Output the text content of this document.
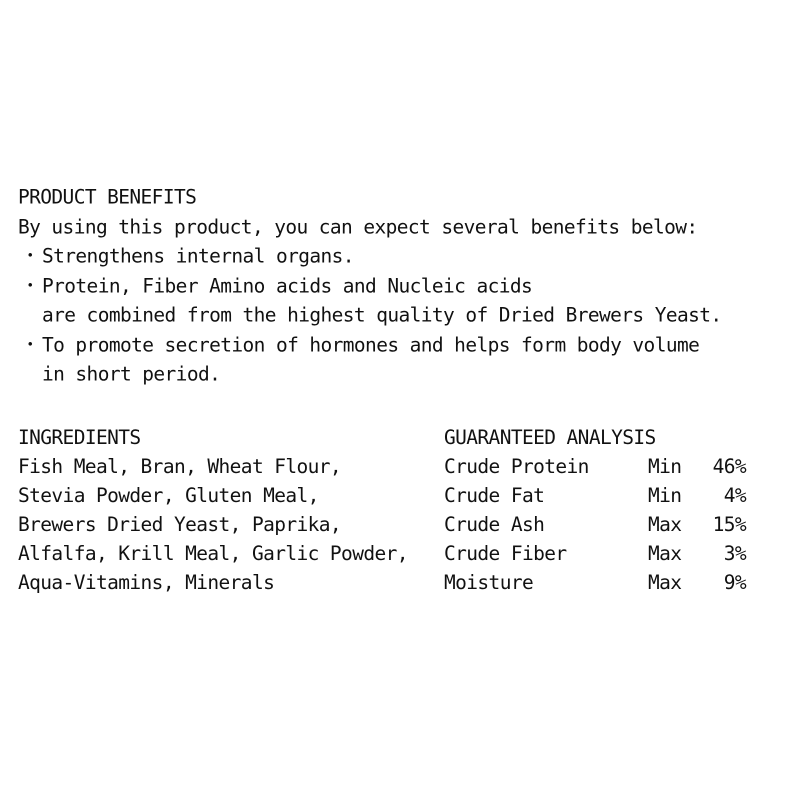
PRODUCT BENEFITS
By using this product, you can expect several benefits below:
・ Strengthens internal organs.
・ Protein, Fiber Amino acids and Nucleic acids
are combined from the highest quality of Dried Brewers Yeast.
・ To promote secretion of hormones and helps form body volume
in short period.
INGREDIENTS	GUARANTEED ANALYSIS		
Fish Meal, Bran, Wheat Flour,	Crude Protein	Min	46%
Stevia Powder, Gluten Meal,	Crude Fat	Min	4%
Brewers Dried Yeast, Paprika,	Crude Ash	Max	15%
Alfalfa, Krill Meal, Garlic Powder,	Crude Fiber	Max	3%
Aqua-Vitamins, Minerals	Moisture	Max	9%
